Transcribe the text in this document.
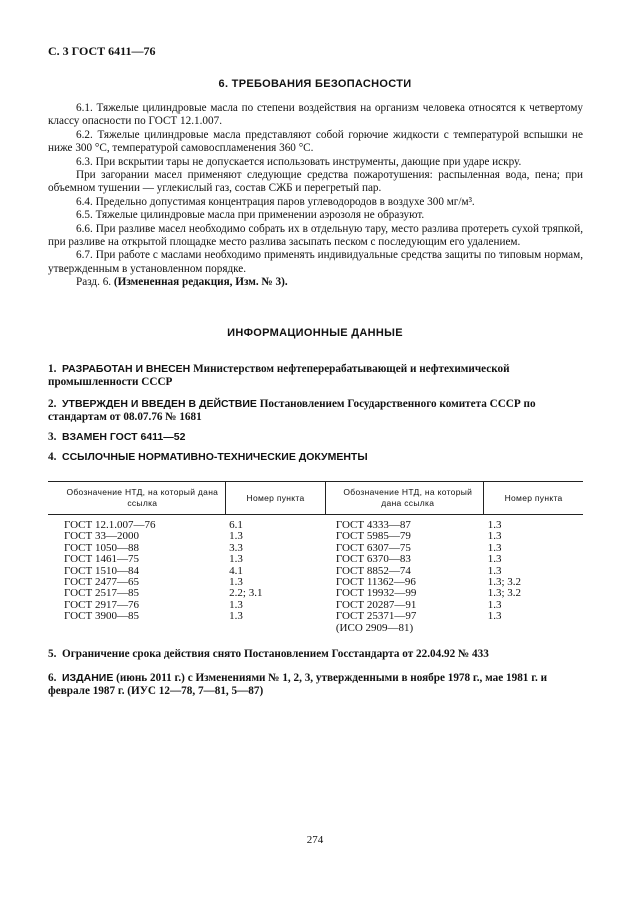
С. 3 ГОСТ 6411—76
6. ТРЕБОВАНИЯ БЕЗОПАСНОСТИ

6.1. Тяжелые цилиндровые масла по степени воздействия на организм человека относятся к четвертому классу опасности по ГОСТ 12.1.007.

6.2. Тяжелые цилиндровые масла представляют собой горючие жидкости с температурой вспышки не ниже 300 °С, температурой самовоспламенения 360 °С.

6.3. При вскрытии тары не допускается использовать инструменты, дающие при ударе искру.

При загорании масел применяют следующие средства пожаротушения: распыленная вода, пена; при объемном тушении — углекислый газ, состав СЖБ и перегретый пар.

6.4. Предельно допустимая концентрация паров углеводородов в воздухе 300 мг/м³.

6.5. Тяжелые цилиндровые масла при применении аэрозоля не образуют.

6.6. При разливе масел необходимо собрать их в отдельную тару, место разлива протереть сухой тряпкой, при разливе на открытой площадке место разлива засыпать песком с последующим его удалением.

6.7. При работе с маслами необходимо применять индивидуальные средства защиты по типовым нормам, утвержденным в установленном порядке.

Разд. 6. (Измененная редакция, Изм. № 3).

ИНФОРМАЦИОННЫЕ ДАННЫЕ
1. РАЗРАБОТАН И ВНЕСЕН Министерством нефтеперерабатывающей и нефтехимической промышленности СССР
2. УТВЕРЖДЕН И ВВЕДЕН В ДЕЙСТВИЕ Постановлением Государственного комитета СССР по стандартам от 08.07.76 № 1681
3. ВЗАМЕН ГОСТ 6411—52
4. ССЫЛОЧНЫЕ НОРМАТИВНО-ТЕХНИЧЕСКИЕ ДОКУМЕНТЫ
Обозначение НТД, на который дана ссылка	Номер пункта	Обозначение НТД, на который дана ссылка	Номер пункта
ГОСТ 12.1.007—76	6.1	ГОСТ 4333—87	1.3
ГОСТ 33—2000	1.3	ГОСТ 5985—79	1.3
ГОСТ 1050—88	3.3	ГОСТ 6307—75	1.3
ГОСТ 1461—75	1.3	ГОСТ 6370—83	1.3
ГОСТ 1510—84	4.1	ГОСТ 8852—74	1.3
ГОСТ 2477—65	1.3	ГОСТ 11362—96	1.3; 3.2
ГОСТ 2517—85	2.2; 3.1	ГОСТ 19932—99	1.3; 3.2
ГОСТ 2917—76	1.3	ГОСТ 20287—91	1.3
ГОСТ 3900—85	1.3	ГОСТ 25371—97	1.3
		(ИСО 2909—81)	
5. Ограничение срока действия снято Постановлением Госстандарта от 22.04.92 № 433
6. ИЗДАНИЕ (июнь 2011 г.) с Изменениями № 1, 2, 3, утвержденными в ноябре 1978 г., мае 1981 г. и феврале 1987 г. (ИУС 12—78, 7—81, 5—87)
274
